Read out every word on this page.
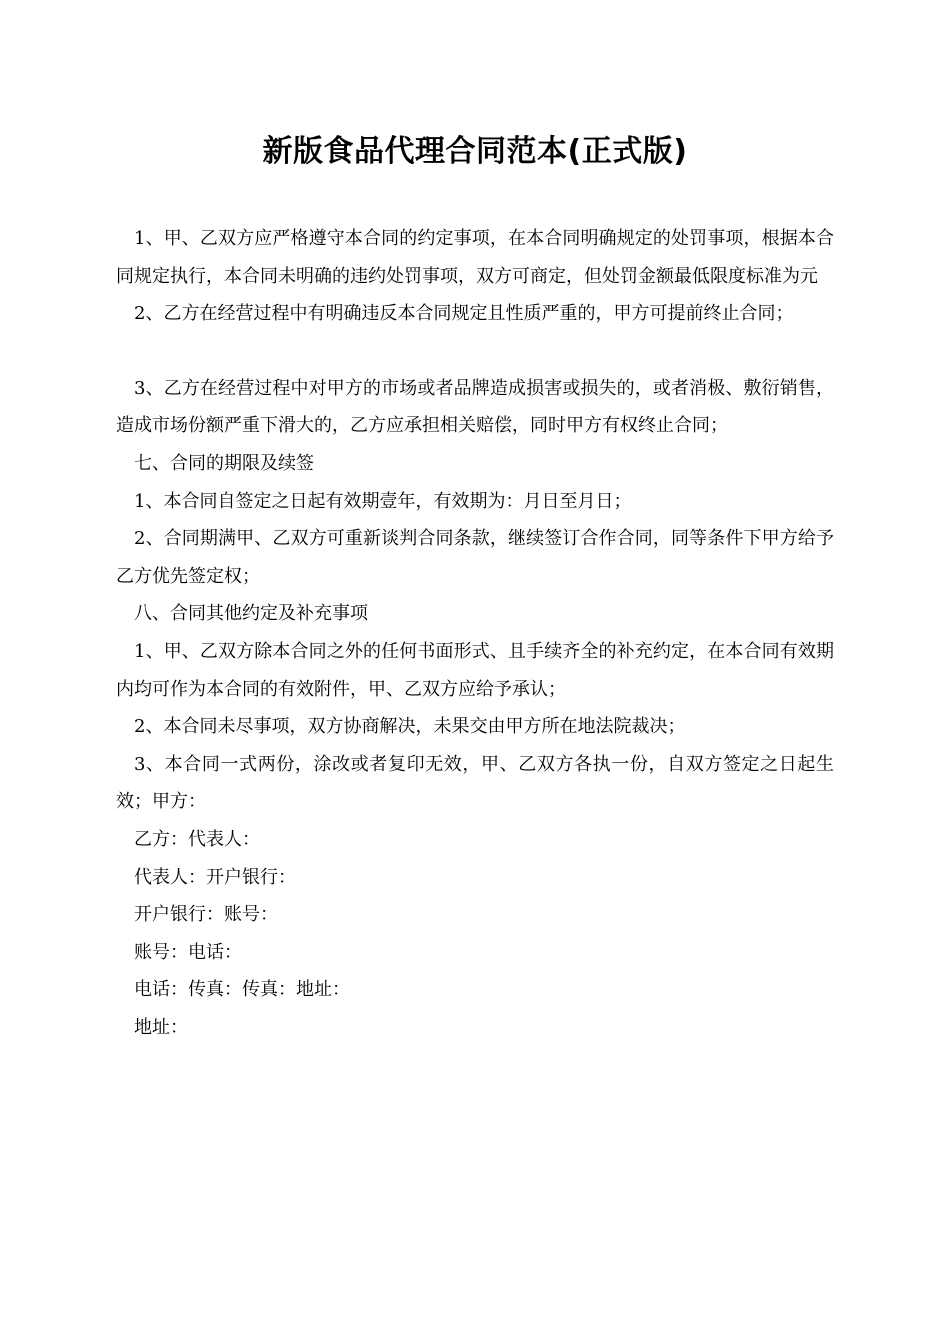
新版食品代理合同范本(正式版)

1、甲、乙双方应严格遵守本合同的约定事项，在本合同明确规定的处罚事项，根据本合同规定执行，本合同未明确的违约处罚事项，双方可商定，但处罚金额最低限度标准为元

2、乙方在经营过程中有明确违反本合同规定且性质严重的，甲方可提前终止合同；

3、乙方在经营过程中对甲方的市场或者品牌造成损害或损失的，或者消极、敷衍销售，造成市场份额严重下滑大的，乙方应承担相关赔偿，同时甲方有权终止合同；

七、合同的期限及续签

1、本合同自签定之日起有效期壹年，有效期为：月日至月日；

2、合同期满甲、乙双方可重新谈判合同条款，继续签订合作合同，同等条件下甲方给予乙方优先签定权；

八、合同其他约定及补充事项

1、甲、乙双方除本合同之外的任何书面形式、且手续齐全的补充约定，在本合同有效期内均可作为本合同的有效附件，甲、乙双方应给予承认；

2、本合同未尽事项，双方协商解决，未果交由甲方所在地法院裁决；

3、本合同一式两份，涂改或者复印无效，甲、乙双方各执一份，自双方签定之日起生效；甲方：

乙方：代表人：

代表人：开户银行：

开户银行：账号：

账号：电话：

电话：传真：传真：地址：

地址：
